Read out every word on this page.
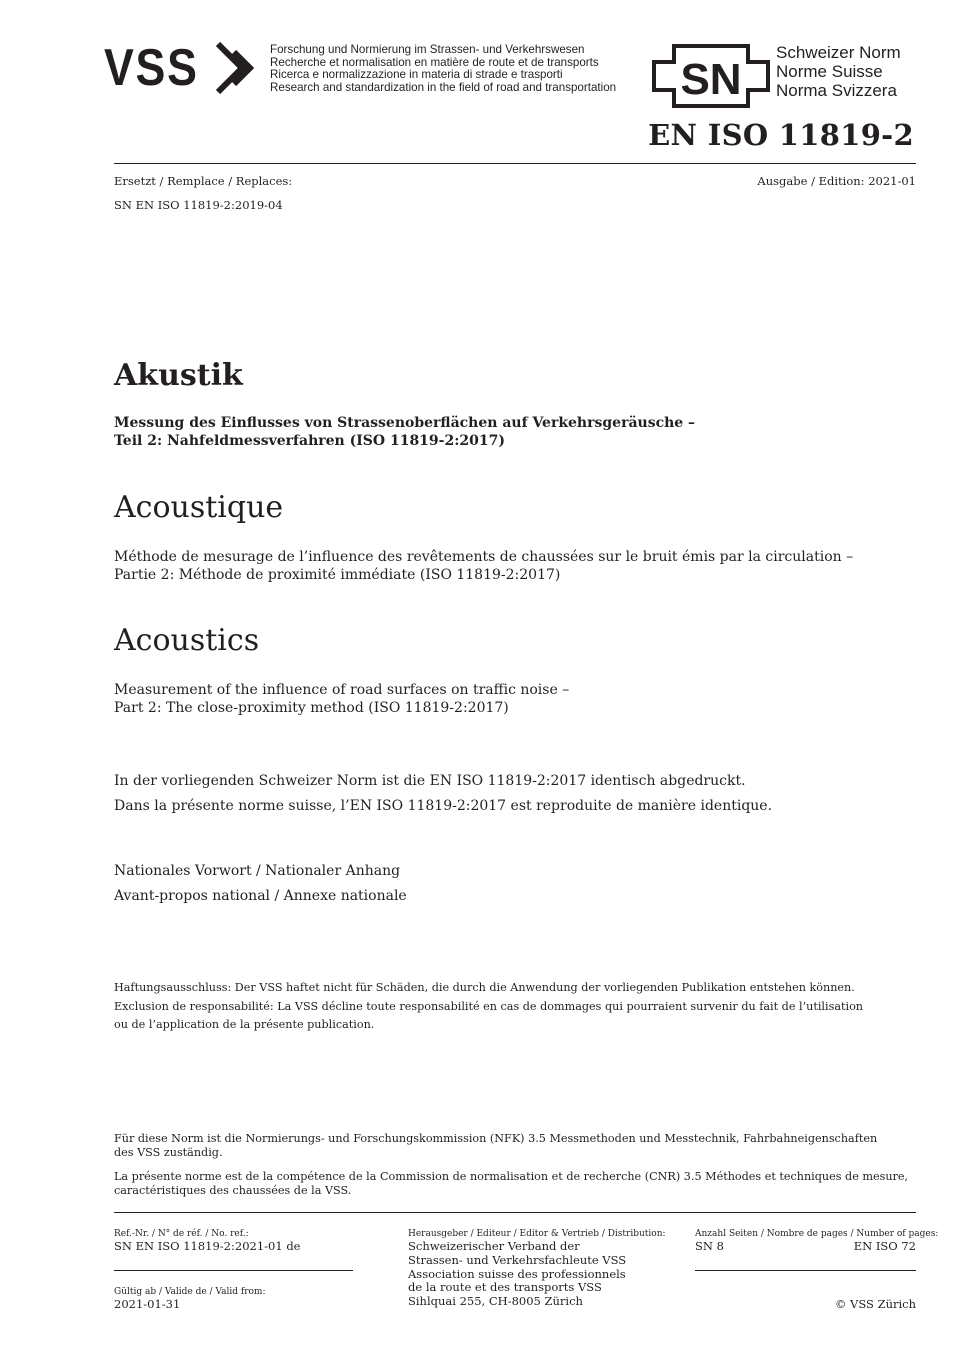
VSS	Forschung und Normierung im Strassen- und Verkehrswesen
Recherche et normalisation en matière de route et de transports
Ricerca e normalizzazione in materia di strade e trasporti
Research and standardization in the field of road and transportation SN
Schweizer Norm
Norme Suisse
Norma Svizzera
EN ISO 11819-2
Ersetzt / Remplace / Replaces:
SN EN ISO 11819-2:2019-04
Ausgabe / Edition: 2021-01
Akustik
Messung des Einflusses von Strassenoberflächen auf Verkehrsgeräusche –
Teil 2: Nahfeldmessverfahren (ISO 11819-2:2017)
Acoustique
Méthode de mesurage de l’influence des revêtements de chaussées sur le bruit émis par la circulation –
Partie 2: Méthode de proximité immédiate (ISO 11819-2:2017)
Acoustics
Measurement of the influence of road surfaces on traffic noise –
Part 2: The close-proximity method (ISO 11819-2:2017)
In der vorliegenden Schweizer Norm ist die EN ISO 11819-2:2017 identisch abgedruckt.
Dans la présente norme suisse, l’EN ISO 11819-2:2017 est reproduite de manière identique.
Nationales Vorwort / Nationaler Anhang
Avant-propos national / Annexe nationale
Haftungsausschluss: Der VSS haftet nicht für Schäden, die durch die Anwendung der vorliegenden Publikation entstehen können.
Exclusion de responsabilité: La VSS décline toute responsabilité en cas de dommages qui pourraient survenir du fait de l’utilisation
ou de l’application de la présente publication.
Für diese Norm ist die Normierungs- und Forschungskommission (NFK) 3.5 Messmethoden und Messtechnik, Fahrbahneigenschaften
des VSS zuständig.
La présente norme est de la compétence de la Commission de normalisation et de recherche (CNR) 3.5 Méthodes et techniques de mesure,
caractéristiques des chaussées de la VSS.
Ref.-Nr. / N° de réf. / No. ref.:
SN EN ISO 11819-2:2021-01 de
Gültig ab / Valide de / Valid from:
2021-01-31
Herausgeber / Editeur / Editor & Vertrieb / Distribution:
Schweizerischer Verband der
Strassen- und Verkehrsfachleute VSS
Association suisse des professionnels
de la route et des transports VSS
Sihlquai 255, CH-8005 Zürich
Anzahl Seiten / Nombre de pages / Number of pages:
SN 8	EN ISO 72
© VSS Zürich
